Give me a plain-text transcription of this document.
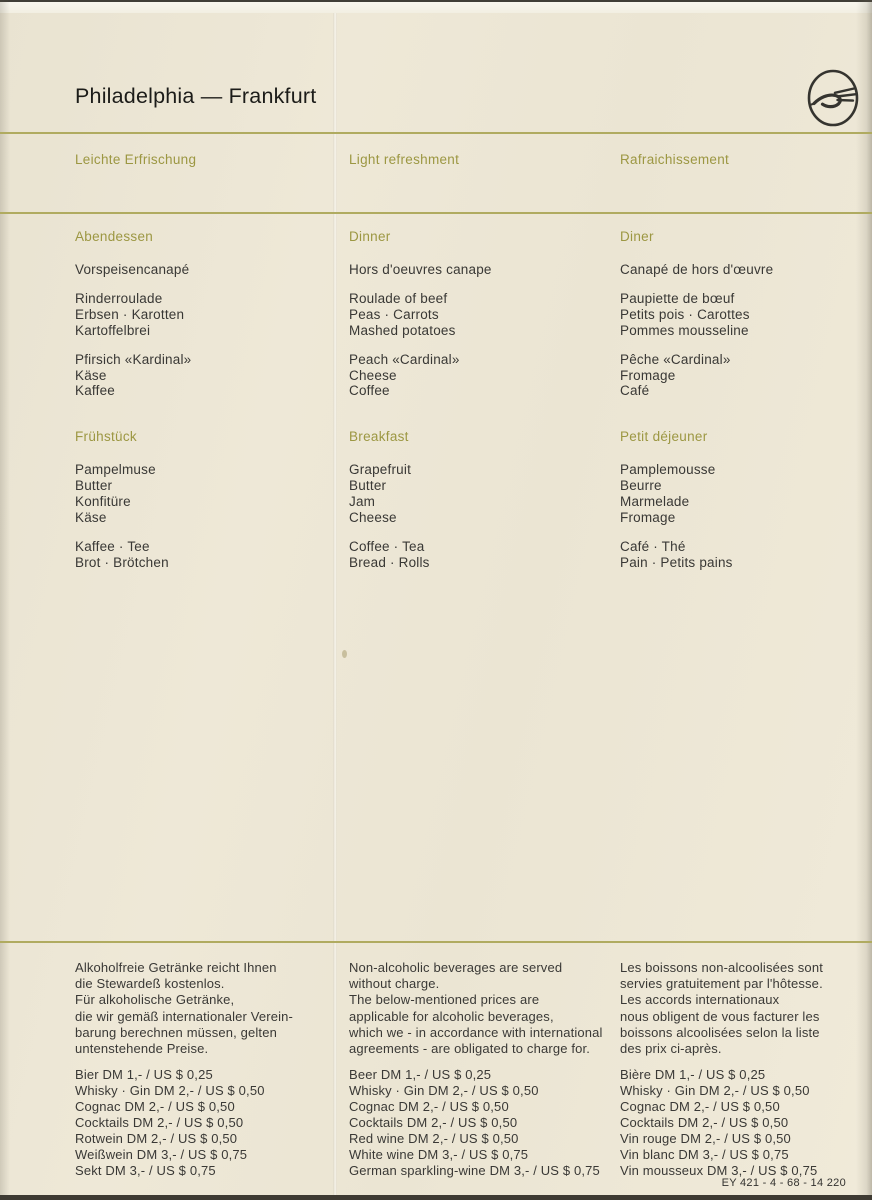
Philadelphia — Frankfurt
Leichte Erfrischung	Light refreshment	Rafraichissement
Abendessen
Vorspeisencanapé
Rinderroulade
Erbsen · Karotten
Kartoffelbrei
Pfirsich «Kardinal»
Käse
Kaffee
Frühstück
Pampelmuse
Butter
Konfitüre
Käse
Kaffee · Tee
Brot · Brötchen
Dinner
Hors d'oeuvres canape
Roulade of beef
Peas · Carrots
Mashed potatoes
Peach «Cardinal»
Cheese
Coffee
Breakfast
Grapefruit
Butter
Jam
Cheese
Coffee · Tea
Bread · Rolls
Diner
Canapé de hors d'œuvre
Paupiette de bœuf
Petits pois · Carottes
Pommes mousseline
Pêche «Cardinal»
Fromage
Café
Petit déjeuner
Pamplemousse
Beurre
Marmelade
Fromage
Café · Thé
Pain · Petits pains
Alkoholfreie Getränke reicht Ihnen
die Stewardeß kostenlos.
Für alkoholische Getränke,
die wir gemäß internationaler Verein-
barung berechnen müssen, gelten
untenstehende Preise.
Bier DM 1,- / US $ 0,25
Whisky · Gin DM 2,- / US $ 0,50
Cognac DM 2,- / US $ 0,50
Cocktails DM 2,- / US $ 0,50
Rotwein DM 2,- / US $ 0,50
Weißwein DM 3,- / US $ 0,75
Sekt DM 3,- / US $ 0,75
Non-alcoholic beverages are served
without charge.
The below-mentioned prices are
applicable for alcoholic beverages,
which we - in accordance with international
agreements - are obligated to charge for.
Beer DM 1,- / US $ 0,25
Whisky · Gin DM 2,- / US $ 0,50
Cognac DM 2,- / US $ 0,50
Cocktails DM 2,- / US $ 0,50
Red wine DM 2,- / US $ 0,50
White wine DM 3,- / US $ 0,75
German sparkling-wine DM 3,- / US $ 0,75
Les boissons non-alcoolisées sont
servies gratuitement par l'hôtesse.
Les accords internationaux
nous obligent de vous facturer les
boissons alcoolisées selon la liste
des prix ci-après.
Bière DM 1,- / US $ 0,25
Whisky · Gin DM 2,- / US $ 0,50
Cognac DM 2,- / US $ 0,50
Cocktails DM 2,- / US $ 0,50
Vin rouge DM 2,- / US $ 0,50
Vin blanc DM 3,- / US $ 0,75
Vin mousseux DM 3,- / US $ 0,75
EY 421 - 4 - 68 - 14 220
